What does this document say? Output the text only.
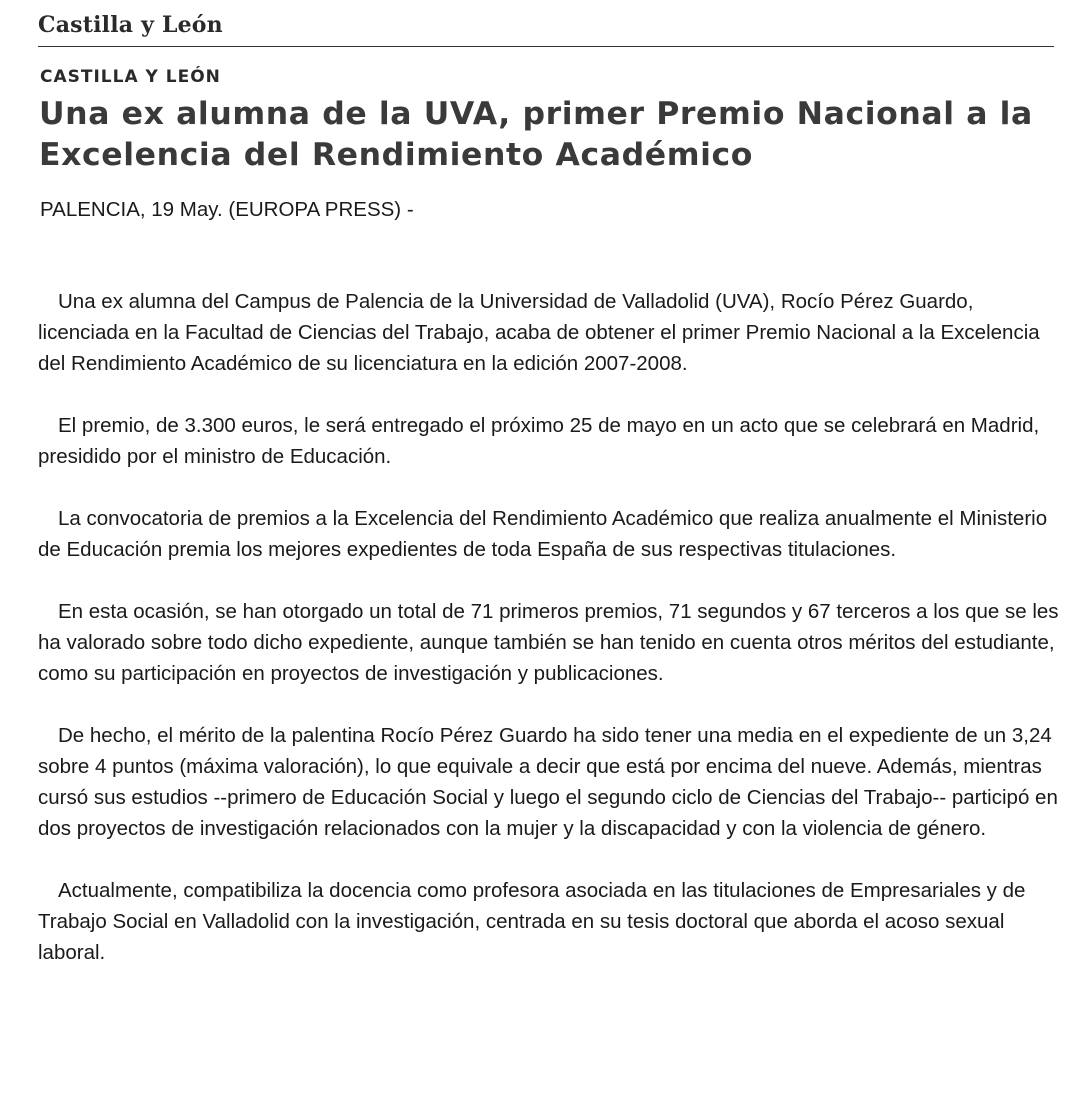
Castilla y León
CASTILLA Y LEÓN
Una ex alumna de la UVA, primer Premio Nacional a la Excelencia del Rendimiento Académico
PALENCIA, 19 May. (EUROPA PRESS) -

Una ex alumna del Campus de Palencia de la Universidad de Valladolid (UVA), Rocío Pérez Guardo, licenciada en la Facultad de Ciencias del Trabajo, acaba de obtener el primer Premio Nacional a la Excelencia del Rendimiento Académico de su licenciatura en la edición 2007-2008.

El premio, de 3.300 euros, le será entregado el próximo 25 de mayo en un acto que se celebrará en Madrid, presidido por el ministro de Educación.

La convocatoria de premios a la Excelencia del Rendimiento Académico que realiza anualmente el Ministerio de Educación premia los mejores expedientes de toda España de sus respectivas titulaciones.

En esta ocasión, se han otorgado un total de 71 primeros premios, 71 segundos y 67 terceros a los que se les ha valorado sobre todo dicho expediente, aunque también se han tenido en cuenta otros méritos del estudiante, como su participación en proyectos de investigación y publicaciones.

De hecho, el mérito de la palentina Rocío Pérez Guardo ha sido tener una media en el expediente de un 3,24 sobre 4 puntos (máxima valoración), lo que equivale a decir que está por encima del nueve. Además, mientras cursó sus estudios --primero de Educación Social y luego el segundo ciclo de Ciencias del Trabajo-- participó en dos proyectos de investigación relacionados con la mujer y la discapacidad y con la violencia de género.

Actualmente, compatibiliza la docencia como profesora asociada en las titulaciones de Empresariales y de Trabajo Social en Valladolid con la investigación, centrada en su tesis doctoral que aborda el acoso sexual laboral.
